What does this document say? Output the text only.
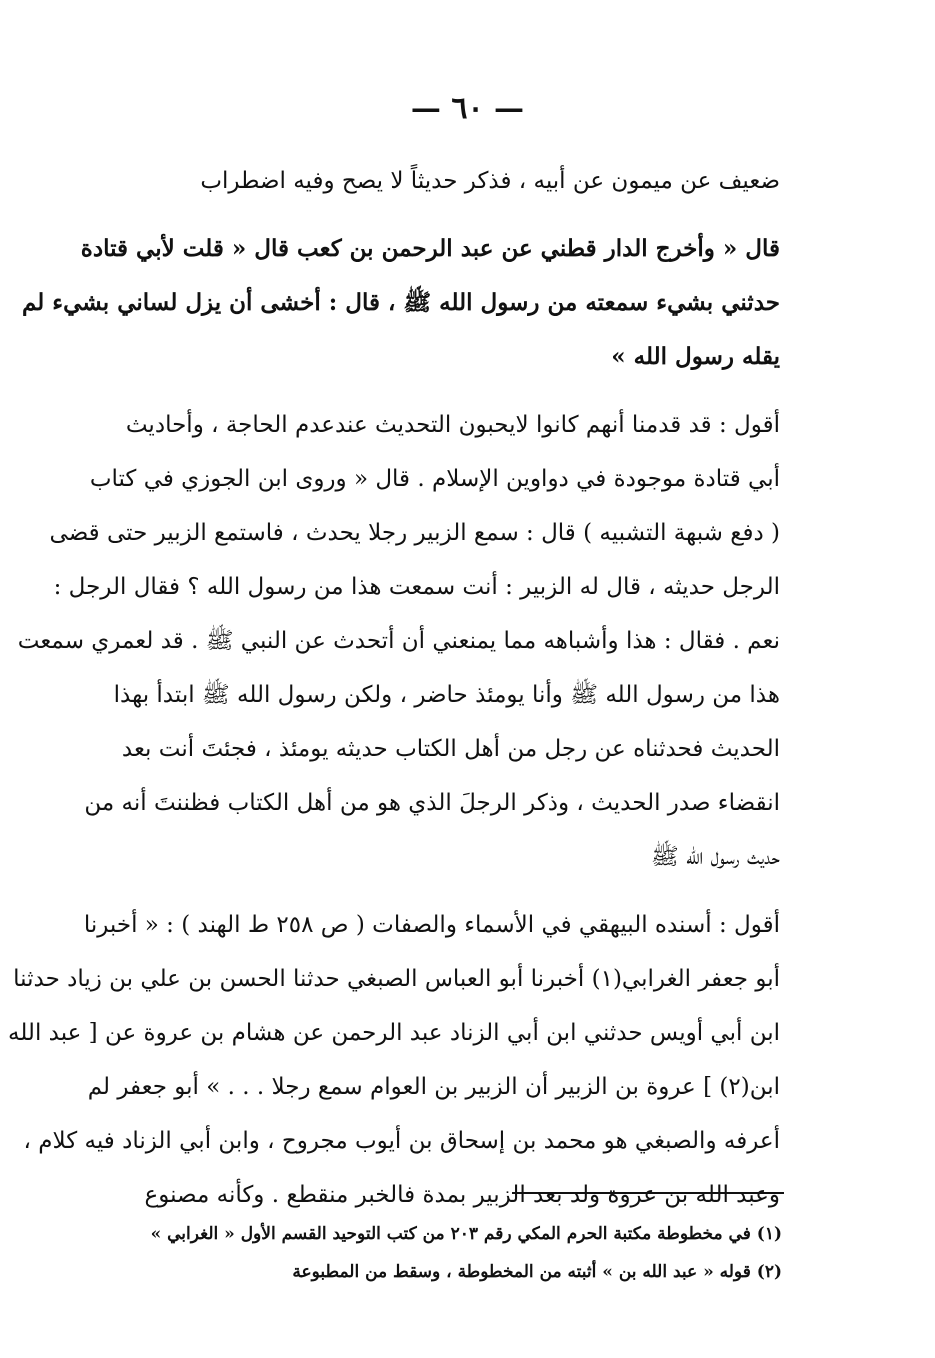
— ٦٠ —
ضعيف عن ميمون عن أبيه ، فذكر حديثاً لا يصح وفيه اضطراب
قال « وأخرج الدار قطني عن عبد الرحمن بن كعب قال « قلت لأبي قتادة
حدثني بشيء سمعته من رسول الله ﷺ ، قال : أخشى أن يزل لساني بشيء لم
يقله رسول الله »
أقول : قد قدمنا أنهم كانوا لايحبون التحديث عندعدم الحاجة ، وأحاديث
أبي قتادة موجودة في دواوين الإسلام . قال « وروى ابن الجوزي في كتاب
( دفع شبهة التشبيه ) قال : سمع الزبير رجلا يحدث ، فاستمع الزبير حتى قضى
الرجل حديثه ، قال له الزبير : أنت سمعت هذا من رسول الله ؟ فقال الرجل :
نعم . فقال : هذا وأشباهه مما يمنعني أن أتحدث عن النبي ﷺ . قد لعمري سمعت
هذا من رسول الله ﷺ وأنا يومئذ حاضر ، ولكن رسول الله ﷺ ابتدأ بهذا
الحديث فحدثناه عن رجل من أهل الكتاب حديثه يومئذ ، فجئتَ أنت بعد
انقضاء صدر الحديث ، وذكر الرجلَ الذي هو من أهل الكتاب فظننتَ أنه من
حديث رسول الله ﷺ
أقول : أسنده البيهقي في الأسماء والصفات ( ص ٢٥٨ ط الهند ) : « أخبرنا
أبو جعفر الغرابي(١) أخبرنا أبو العباس الصبغي حدثنا الحسن بن علي بن زياد حدثنا
ابن أبي أويس حدثني ابن أبي الزناد عبد الرحمن عن هشام بن عروة عن [ عبد الله
ابن(٢) ] عروة بن الزبير أن الزبير بن العوام سمع رجلا . . . » أبو جعفر لم
أعرفه والصبغي هو محمد بن إسحاق بن أيوب مجروح ، وابن أبي الزناد فيه كلام ،
وعبد الله بن عروة ولد بعد الزبير بمدة فالخبر منقطع . وكأنه مصنوع
(١) في مخطوطة مكتبة الحرم المكي رقم ٢٠٣ من كتب التوحيد القسم الأول « الغرابي »
(٢) قوله « عبد الله بن » أثبته من المخطوطة ، وسقط من المطبوعة
